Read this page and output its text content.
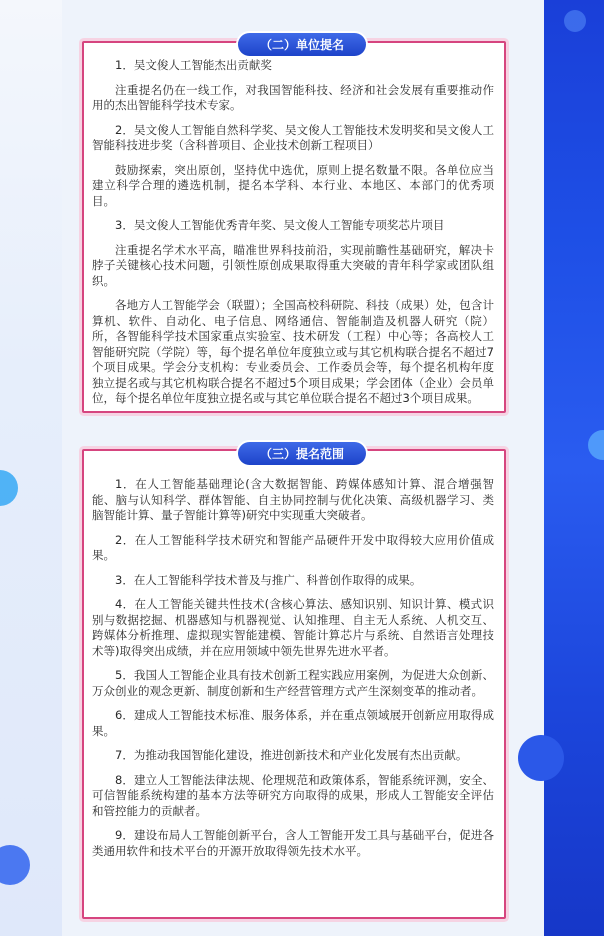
（二）单位提名

1．吴文俊人工智能杰出贡献奖

注重提名仍在一线工作，对我国智能科技、经济和社会发展有重要推动作用的杰出智能科学技术专家。

2．吴文俊人工智能自然科学奖、吴文俊人工智能技术发明奖和吴文俊人工智能科技进步奖（含科普项目、企业技术创新工程项目）

鼓励探索，突出原创，坚持优中选优，原则上提名数量不限。各单位应当建立科学合理的遴选机制，提名本学科、本行业、本地区、本部门的优秀项目。

3．吴文俊人工智能优秀青年奖、吴文俊人工智能专项奖芯片项目

注重提名学术水平高，瞄准世界科技前沿，实现前瞻性基础研究，解决卡脖子关键核心技术问题，引领性原创成果取得重大突破的青年科学家或团队组织。

各地方人工智能学会（联盟）；全国高校科研院、科技（成果）处，包含计算机、软件、自动化、电子信息、网络通信、智能制造及机器人研究（院）所，各智能科学技术国家重点实验室、技术研发（工程）中心等；各高校人工智能研究院（学院）等，每个提名单位年度独立或与其它机构联合提名不超过7个项目成果。学会分支机构：专业委员会、工作委员会等，每个提名机构年度独立提名或与其它机构联合提名不超过5个项目成果；学会团体（企业）会员单位，每个提名单位年度独立提名或与其它单位联合提名不超过3个项目成果。

（三）提名范围

1．在人工智能基础理论(含大数据智能、跨媒体感知计算、混合增强智能、脑与认知科学、群体智能、自主协同控制与优化决策、高级机器学习、类脑智能计算、量子智能计算等)研究中实现重大突破者。

2．在人工智能科学技术研究和智能产品硬件开发中取得较大应用价值成果。

3．在人工智能科学技术普及与推广、科普创作取得的成果。

4．在人工智能关键共性技术(含核心算法、感知识别、知识计算、模式识别与数据挖掘、机器感知与机器视觉、认知推理、自主无人系统、人机交互、跨媒体分析推理、虚拟现实智能建模、智能计算芯片与系统、自然语言处理技术等)取得突出成绩，并在应用领域中领先世界先进水平者。

5．我国人工智能企业具有技术创新工程实践应用案例，为促进大众创新、万众创业的观念更新、制度创新和生产经营管理方式产生深刻变革的推动者。

6．建成人工智能技术标准、服务体系，并在重点领域展开创新应用取得成果。

7．为推动我国智能化建设，推进创新技术和产业化发展有杰出贡献。

8．建立人工智能法律法规、伦理规范和政策体系，智能系统评测，安全、可信智能系统构建的基本方法等研究方向取得的成果，形成人工智能安全评估和管控能力的贡献者。

9．建设布局人工智能创新平台，含人工智能开发工具与基础平台，促进各类通用软件和技术平台的开源开放取得领先技术水平。
